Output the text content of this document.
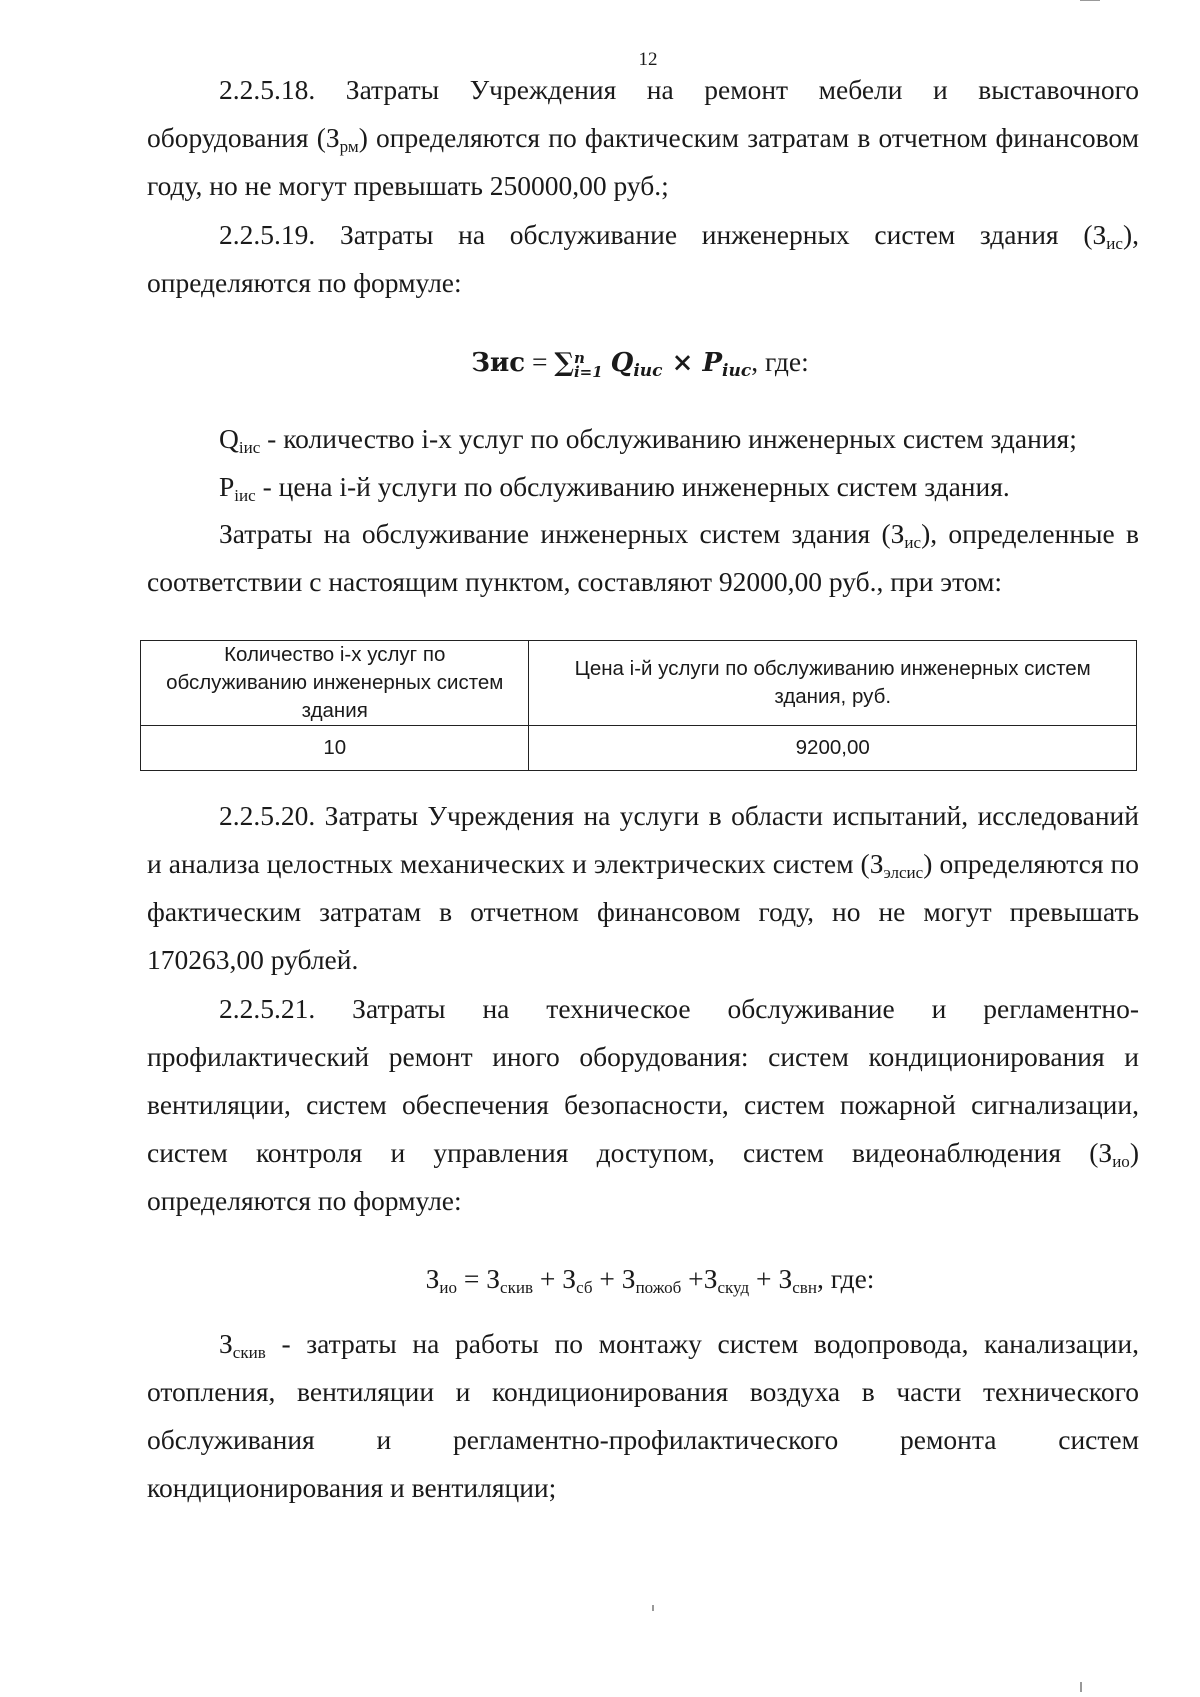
12
2.2.5.18. Затраты Учреждения на ремонт мебели и выставочного оборудования $(З_{рм})$ определяются по фактическим затратам в отчетном финансовом году, но не могут превышать 250000,00 руб.;
2.2.5.19. Затраты на обслуживание инженерных систем здания $(З_{ис})$, определяются по формуле:
Зис = ∑ n
i=1 $Q_{iис} \times P_{iис}$, где:
$Q_{iис}$ - количество i-х услуг по обслуживанию инженерных систем здания;
$P_{iис}$ - цена i-й услуги по обслуживанию инженерных систем здания.
Затраты на обслуживание инженерных систем здания $(З_{ис})$, определенные в соответствии с настоящим пунктом, составляют 92000,00 руб., при этом:
Количество i-х услуг по обслуживанию инженерных систем здания	Цена i-й услуги по обслуживанию инженерных систем здания, руб.
10	9200,00
2.2.5.20. Затраты Учреждения на услуги в области испытаний, исследований и анализа целостных механических и электрических систем $(З_{элсис})$ определяются по фактическим затратам в отчетном финансовом году, но не могут превышать 170263,00 рублей.
2.2.5.21. Затраты на техническое обслуживание и регламентно-профилактический ремонт иного оборудования: систем кондиционирования и вентиляции, систем обеспечения безопасности, систем пожарной сигнализации, систем контроля и управления доступом, систем видеонаблюдения $(З_{ио})$ определяются по формуле:
$З_{ио} = З_{скив} + З_{сб} + З_{пожоб} +З_{скуд} + З_{свн}$, где:
$З_{скив}$ - затраты на работы по монтажу систем водопровода, канализации, отопления, вентиляции и кондиционирования воздуха в части технического обслуживания и регламентно-профилактического ремонта систем кондиционирования и вентиляции;
